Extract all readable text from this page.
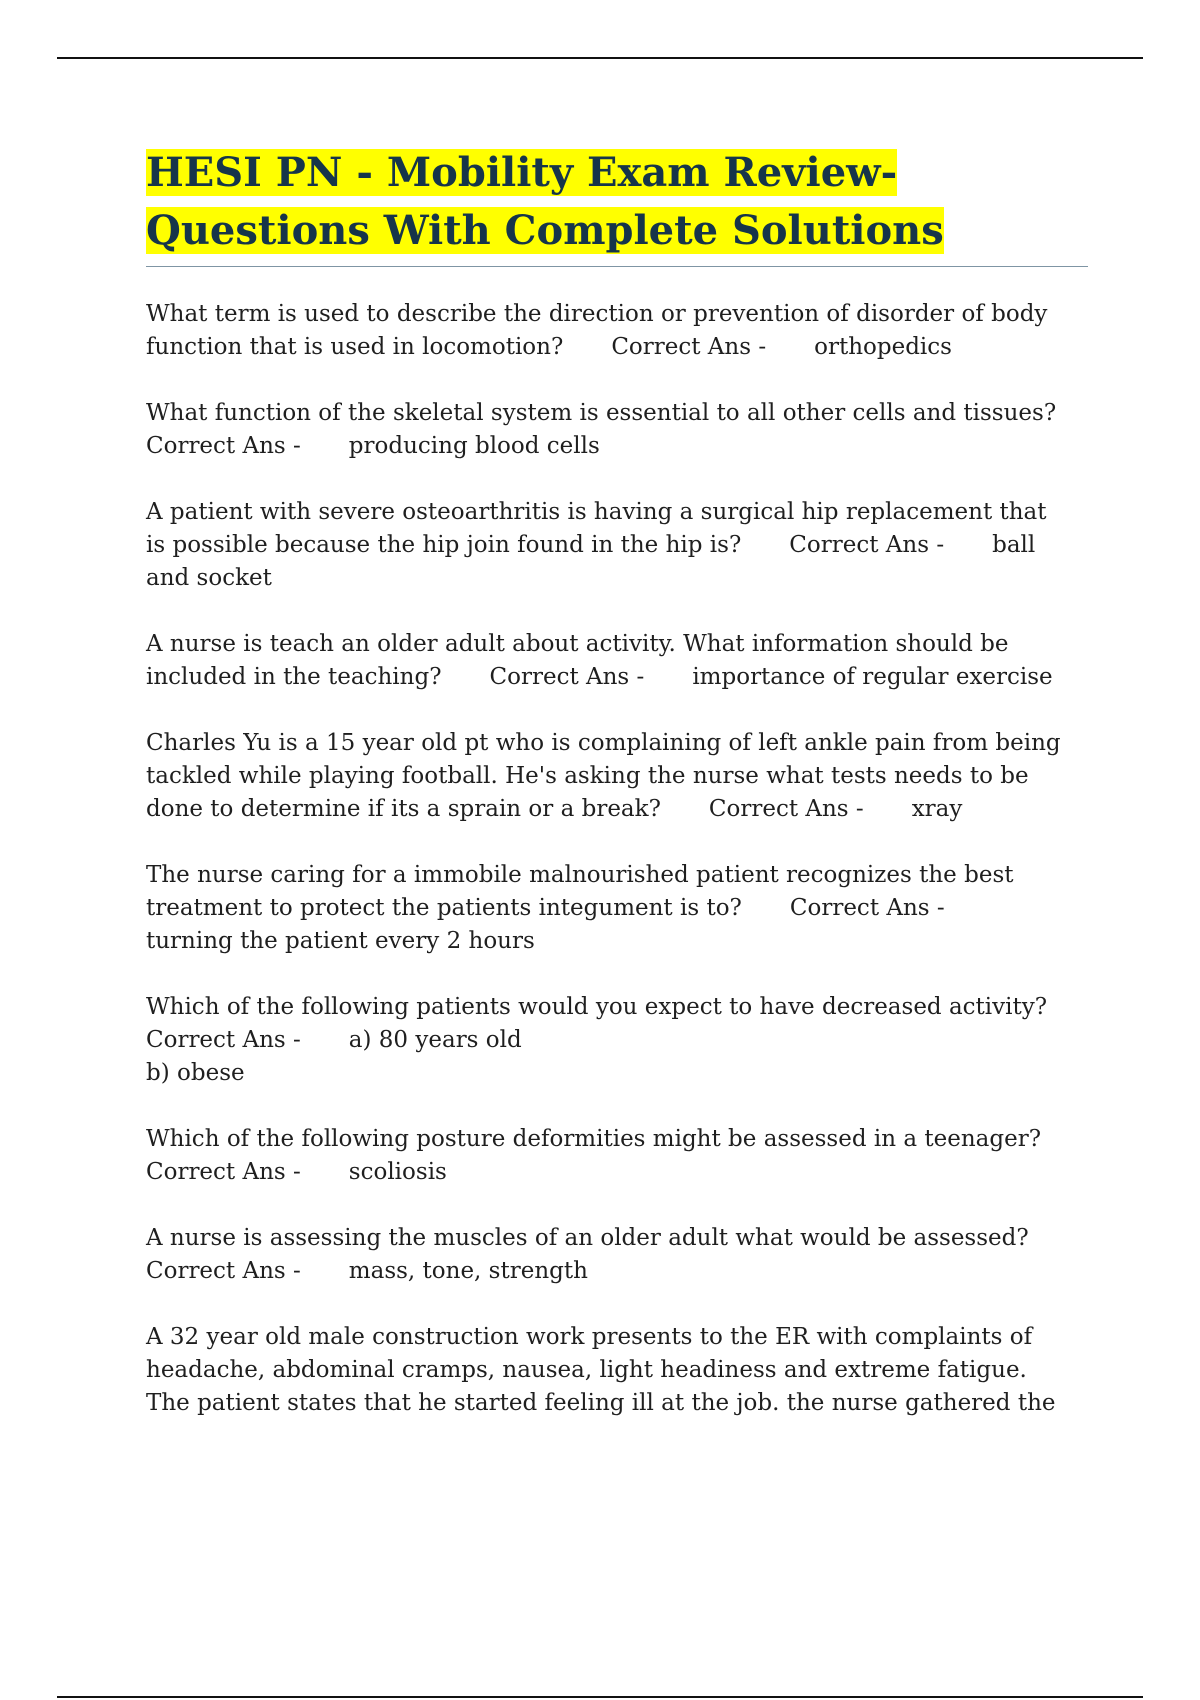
HESI PN - Mobility Exam Review-
Questions With Complete Solutions
What term is used to describe the direction or prevention of disorder of body
function that is used in locomotion? Correct Ans - orthopedics
What function of the skeletal system is essential to all other cells and tissues?
Correct Ans - producing blood cells
A patient with severe osteoarthritis is having a surgical hip replacement that
is possible because the hip join found in the hip is? Correct Ans - ball
and socket
A nurse is teach an older adult about activity. What information should be
included in the teaching? Correct Ans - importance of regular exercise
Charles Yu is a 15 year old pt who is complaining of left ankle pain from being
tackled while playing football. He's asking the nurse what tests needs to be
done to determine if its a sprain or a break? Correct Ans - xray
The nurse caring for a immobile malnourished patient recognizes the best
treatment to protect the patients integument is to? Correct Ans -
turning the patient every 2 hours
Which of the following patients would you expect to have decreased activity?
Correct Ans - a) 80 years old
b) obese
Which of the following posture deformities might be assessed in a teenager?
Correct Ans - scoliosis
A nurse is assessing the muscles of an older adult what would be assessed?
Correct Ans - mass, tone, strength
A 32 year old male construction work presents to the ER with complaints of
headache, abdominal cramps, nausea, light headiness and extreme fatigue.
The patient states that he started feeling ill at the job. the nurse gathered the
